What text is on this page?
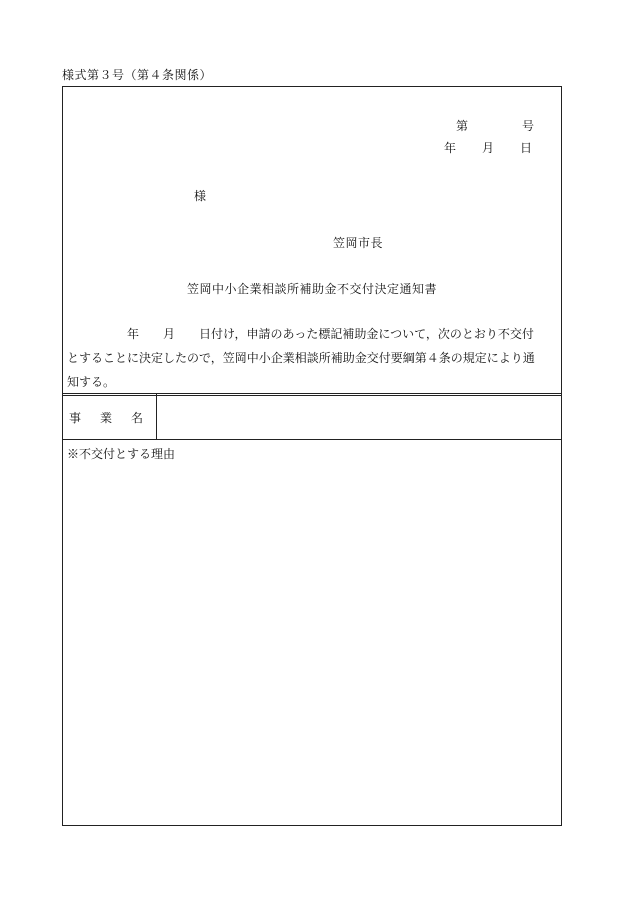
様式第３号（第４条関係）
第	号
年 月 日
様
笠岡市長
笠岡中小企業相談所補助金不交付決定通知書
　　　　　年　　月　　日付け，申請のあった標記補助金について，次のとおり不交付
とすることに決定したので，笠岡中小企業相談所補助金交付要綱第４条の規定により通
知する。
事業名
※不交付とする理由
